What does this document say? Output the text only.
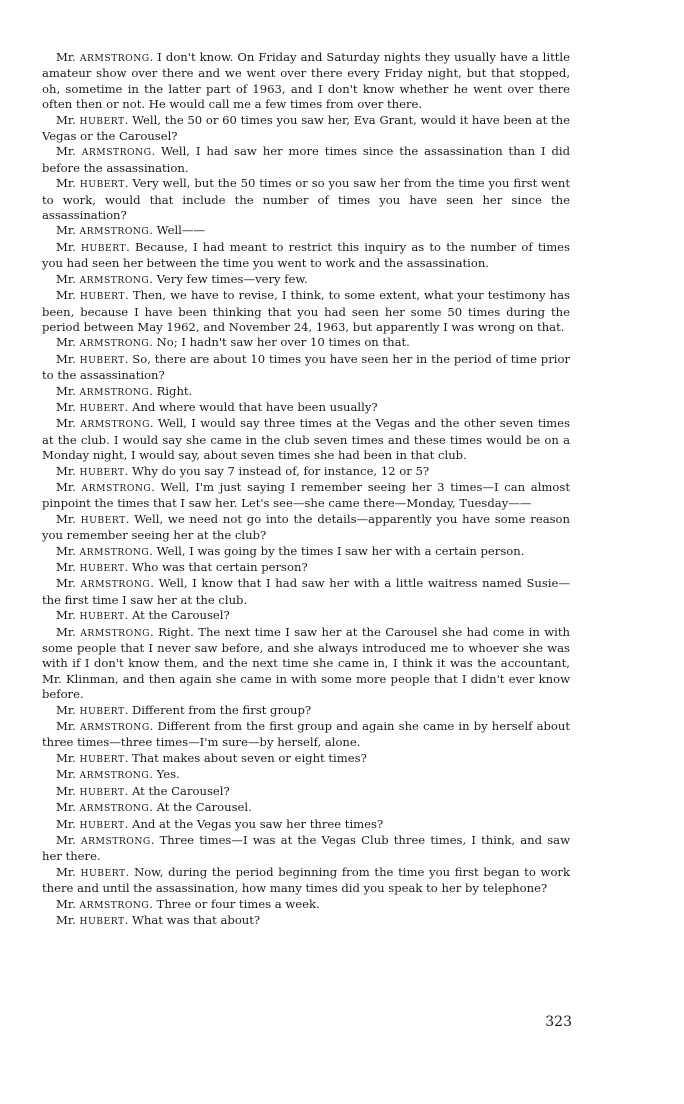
Mr. ARMSTRONG. I don't know. On Friday and Saturday nights they usually have a little amateur show over there and we went over there every Friday night, but that stopped, oh, sometime in the latter part of 1963, and I don't know whether he went over there often then or not. He would call me a few times from over there.

Mr. HUBERT. Well, the 50 or 60 times you saw her, Eva Grant, would it have been at the Vegas or the Carousel?

Mr. ARMSTRONG. Well, I had saw her more times since the assassination than I did before the assassination.

Mr. HUBERT. Very well, but the 50 times or so you saw her from the time you first went to work, would that include the number of times you have seen her since the assassination?

Mr. ARMSTRONG. Well——

Mr. HUBERT. Because, I had meant to restrict this inquiry as to the number of times you had seen her between the time you went to work and the assassination.

Mr. ARMSTRONG. Very few times—very few.

Mr. HUBERT. Then, we have to revise, I think, to some extent, what your testimony has been, because I have been thinking that you had seen her some 50 times during the period between May 1962, and November 24, 1963, but apparently I was wrong on that.

Mr. ARMSTRONG. No; I hadn't saw her over 10 times on that.

Mr. HUBERT. So, there are about 10 times you have seen her in the period of time prior to the assassination?

Mr. ARMSTRONG. Right.

Mr. HUBERT. And where would that have been usually?

Mr. ARMSTRONG. Well, I would say three times at the Vegas and the other seven times at the club. I would say she came in the club seven times and these times would be on a Monday night, I would say, about seven times she had been in that club.

Mr. HUBERT. Why do you say 7 instead of, for instance, 12 or 5?

Mr. ARMSTRONG. Well, I'm just saying I remember seeing her 3 times—I can almost pinpoint the times that I saw her. Let's see—she came there—Monday, Tuesday——

Mr. HUBERT. Well, we need not go into the details—apparently you have some reason you remember seeing her at the club?

Mr. ARMSTRONG. Well, I was going by the times I saw her with a certain person.

Mr. HUBERT. Who was that certain person?

Mr. ARMSTRONG. Well, I know that I had saw her with a little waitress named Susie—the first time I saw her at the club.

Mr. HUBERT. At the Carousel?

Mr. ARMSTRONG. Right. The next time I saw her at the Carousel she had come in with some people that I never saw before, and she always introduced me to whoever she was with if I don't know them, and the next time she came in, I think it was the accountant, Mr. Klinman, and then again she came in with some more people that I didn't ever know before.

Mr. HUBERT. Different from the first group?

Mr. ARMSTRONG. Different from the first group and again she came in by herself about three times—three times—I'm sure—by herself, alone.

Mr. HUBERT. That makes about seven or eight times?

Mr. ARMSTRONG. Yes.

Mr. HUBERT. At the Carousel?

Mr. ARMSTRONG. At the Carousel.

Mr. HUBERT. And at the Vegas you saw her three times?

Mr. ARMSTRONG. Three times—I was at the Vegas Club three times, I think, and saw her there.

Mr. HUBERT. Now, during the period beginning from the time you first began to work there and until the assassination, how many times did you speak to her by telephone?

Mr. ARMSTRONG. Three or four times a week.

Mr. HUBERT. What was that about?

323
